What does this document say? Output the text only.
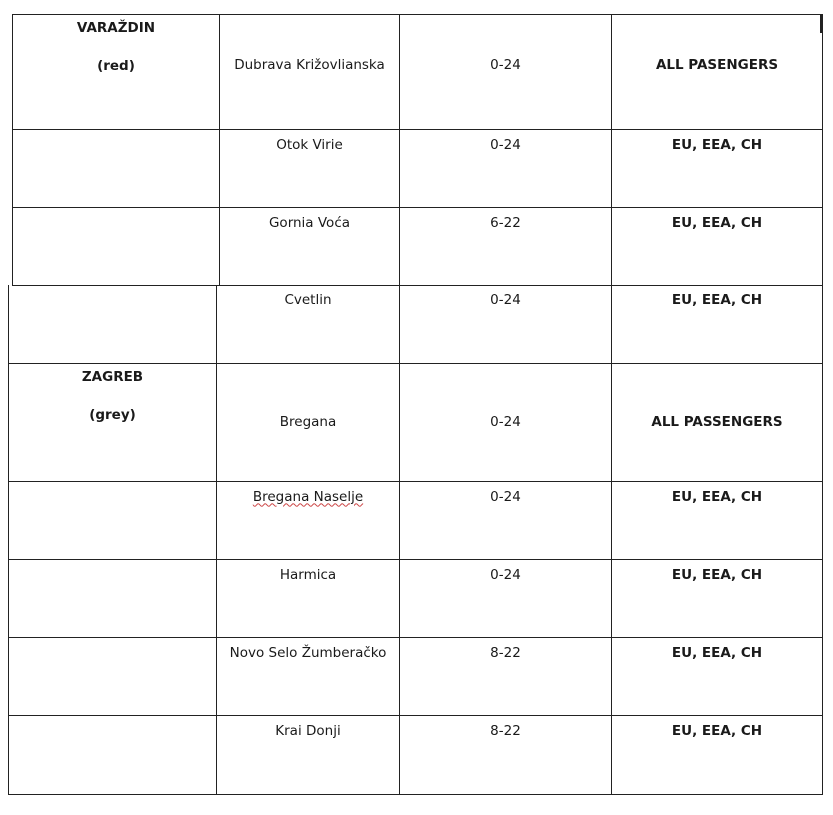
VARAŽDIN
(red)	Dubrava Križovlianska	0-24	ALL PASENGERS

	Otok Virie	0-24	EU, EEA, CH

	Gornia Voća	6-22	EU, EEA, CH

	Cvetlin	0-24	EU, EEA, CH

ZAGREB
(grey)	Bregana	0-24	ALL PASSENGERS

	Bregana Naselje	0-24	EU, EEA, CH

	Harmica	0-24	EU, EEA, CH

	Novo Selo Žumberačko	8-22	EU, EEA, CH

	Krai Donji	8-22	EU, EEA, CH
